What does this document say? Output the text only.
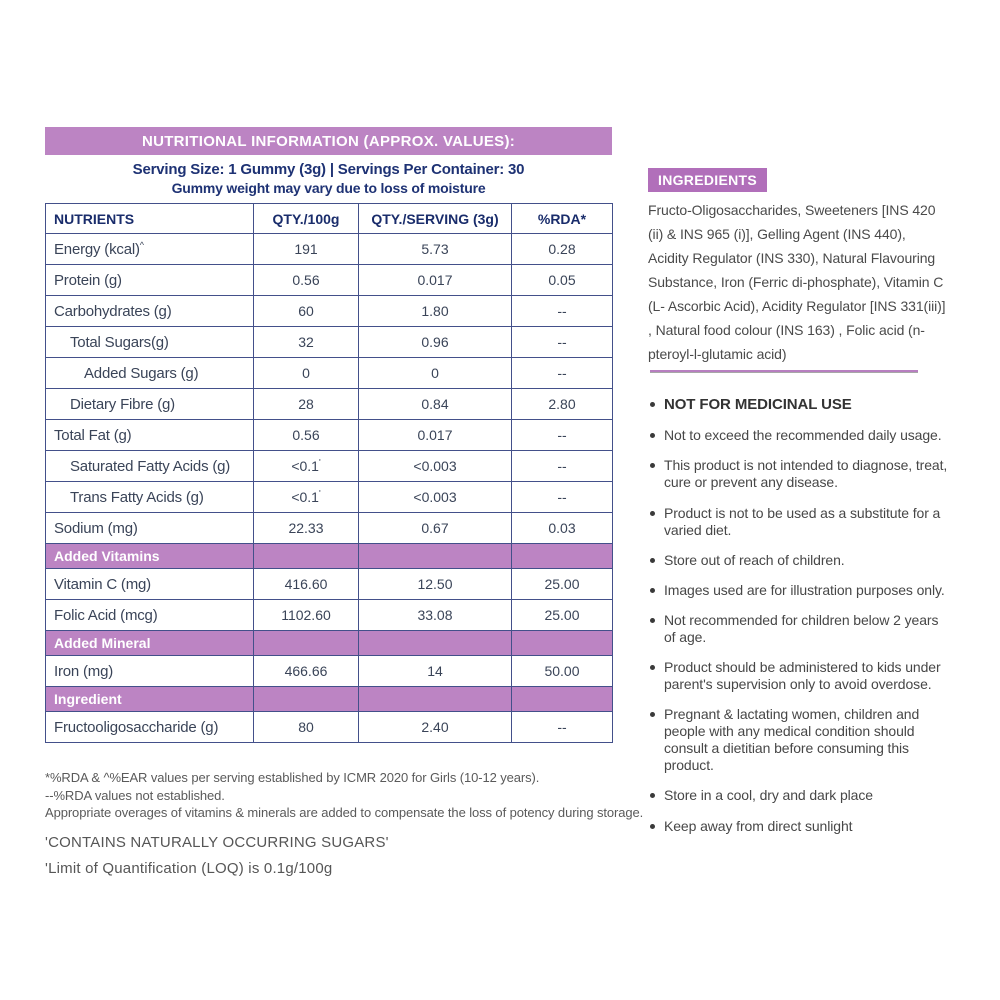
NUTRITIONAL INFORMATION (APPROX. VALUES):
Serving Size: 1 Gummy (3g) | Servings Per Container: 30
Gummy weight may vary due to loss of moisture
NUTRIENTS	QTY./100g	QTY./SERVING (3g)	%RDA*
Energy (kcal)^	191	5.73	0.28
Protein (g)	0.56	0.017	0.05
Carbohydrates (g)	60	1.80	--
Total Sugars(g)	32	0.96	--
Added Sugars (g)	0	0	--
Dietary Fibre (g)	28	0.84	2.80
Total Fat (g)	0.56	0.017	--
Saturated Fatty Acids (g)	<0.1'	<0.003	--
Trans Fatty Acids (g)	<0.1'	<0.003	--
Sodium (mg)	22.33	0.67	0.03
Added Vitamins			
Vitamin C (mg)	416.60	12.50	25.00
Folic Acid (mcg)	1102.60	33.08	25.00
Added Mineral			
Iron (mg)	466.66	14	50.00
Ingredient			
Fructooligosaccharide (g)	80	2.40	--
*%RDA & ^%EAR values per serving established by ICMR 2020 for Girls (10-12 years).
--%RDA values not established.
Appropriate overages of vitamins & minerals are added to compensate the loss of potency during storage.
'CONTAINS NATURALLY OCCURRING SUGARS'
'Limit of Quantification (LOQ) is 0.1g/100g
INGREDIENTS

Fructo-Oligosaccharides, Sweeteners [INS 420 (ii) & INS 965 (i)], Gelling Agent (INS 440), Acidity Regulator (INS 330), Natural Flavouring Substance, Iron (Ferric di-phosphate), Vitamin C (L- Ascorbic Acid), Acidity Regulator [INS 331(iii)] , Natural food colour (INS 163) , Folic acid (n- pteroyl-l-glutamic acid)

NOT FOR MEDICINAL USE
Not to exceed the recommended daily usage.
This product is not intended to diagnose, treat, cure or prevent any disease.
Product is not to be used as a substitute for a varied diet.
Store out of reach of children.
Images used are for illustration purposes only.
Not recommended for children below 2 years of age.
Product should be administered to kids under parent's supervision only to avoid overdose.
Pregnant & lactating women, children and people with any medical condition should consult a dietitian before consuming this product.
Store in a cool, dry and dark place
Keep away from direct sunlight
